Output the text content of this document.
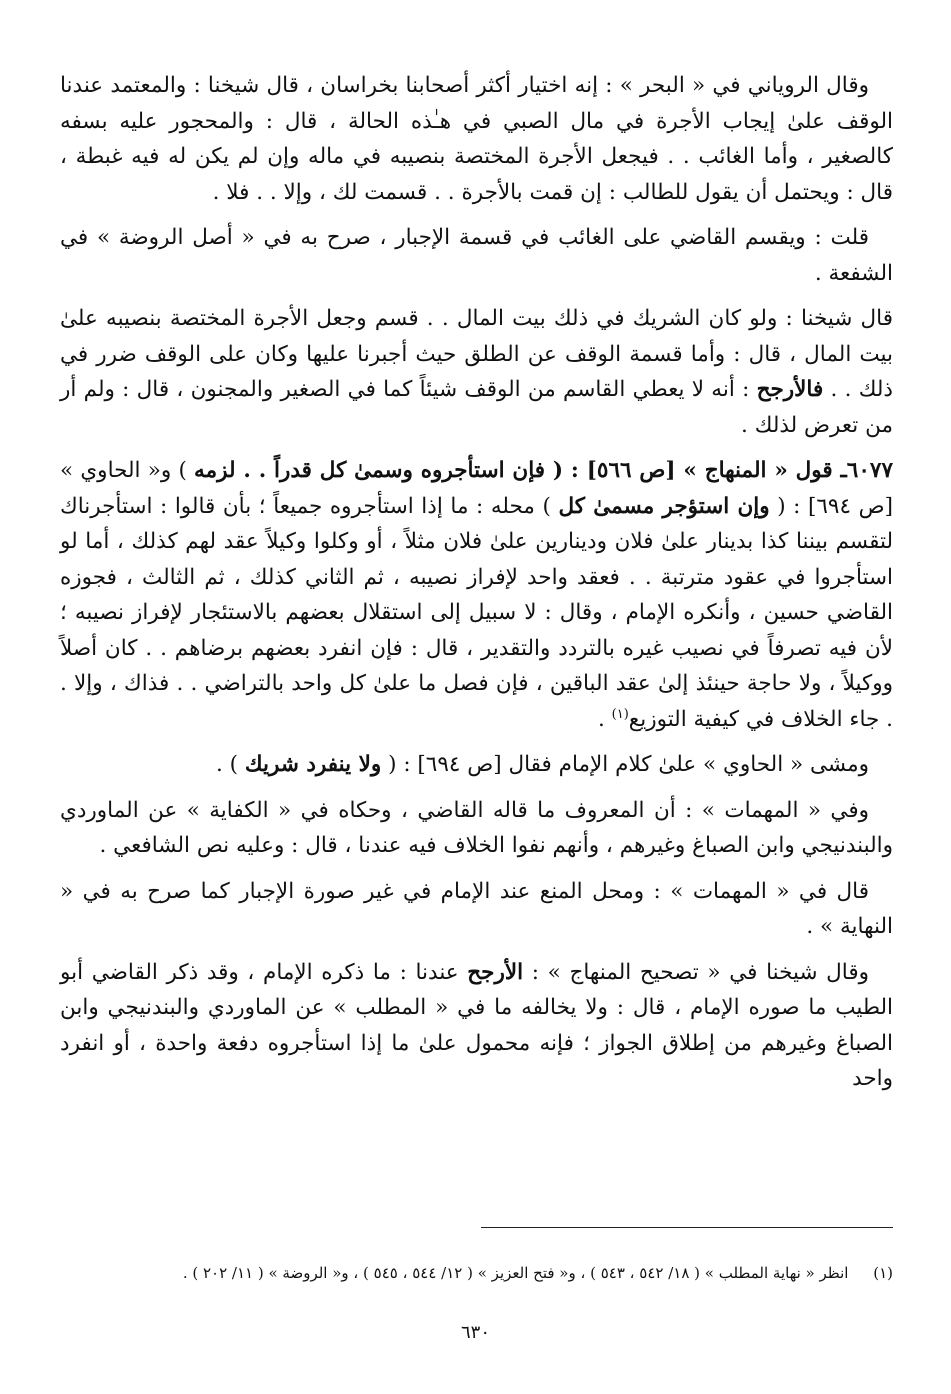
وقال الروياني في « البحر » : إنه اختيار أكثر أصحابنا بخراسان ، قال شيخنا : والمعتمد عندنا الوقف علىٰ إيجاب الأجرة في مال الصبي في هـٰذه الحالة ، قال : والمحجور عليه بسفه كالصغير ، وأما الغائب . . فيجعل الأجرة المختصة بنصيبه في ماله وإن لم يكن له فيه غبطة ، قال : ويحتمل أن يقول للطالب : إن قمت بالأجرة . . قسمت لك ، وإلا . . فلا .

قلت : ويقسم القاضي على الغائب في قسمة الإجبار ، صرح به في « أصل الروضة » في الشفعة .

قال شيخنا : ولو كان الشريك في ذلك بيت المال . . قسم وجعل الأجرة المختصة بنصيبه علىٰ بيت المال ، قال : وأما قسمة الوقف عن الطلق حيث أجبرنا عليها وكان على الوقف ضرر في ذلك . . فالأرجح : أنه لا يعطي القاسم من الوقف شيئاً كما في الصغير والمجنون ، قال : ولم أر من تعرض لذلك .

٦٠٧٧ـ قول « المنهاج » [ص ٥٦٦] : ( فإن استأجروه وسمىٰ كل قدراً . . لزمه ) و« الحاوي » [ص ٦٩٤] : ( وإن استؤجر مسمىٰ كل ) محله : ما إذا استأجروه جميعاً ؛ بأن قالوا : استأجرناك لتقسم بيننا كذا بدينار علىٰ فلان ودينارين علىٰ فلان مثلاً ، أو وكلوا وكيلاً عقد لهم كذلك ، أما لو استأجروا في عقود مترتبة . . فعقد واحد لإفراز نصيبه ، ثم الثاني كذلك ، ثم الثالث ، فجوزه القاضي حسين ، وأنكره الإمام ، وقال : لا سبيل إلى استقلال بعضهم بالاستئجار لإفراز نصيبه ؛ لأن فيه تصرفاً في نصيب غيره بالتردد والتقدير ، قال : فإن انفرد بعضهم برضاهم . . كان أصلاً ووكيلاً ، ولا حاجة حينئذ إلىٰ عقد الباقين ، فإن فصل ما علىٰ كل واحد بالتراضي . . فذاك ، وإلا . . جاء الخلاف في كيفية التوزيع$^{(١)}$ .

ومشى « الحاوي » علىٰ كلام الإمام فقال [ص ٦٩٤] : ( ولا ينفرد شريك ) .

وفي « المهمات » : أن المعروف ما قاله القاضي ، وحكاه في « الكفاية » عن الماوردي والبندنيجي وابن الصباغ وغيرهم ، وأنهم نفوا الخلاف فيه عندنا ، قال : وعليه نص الشافعي .

قال في « المهمات » : ومحل المنع عند الإمام في غير صورة الإجبار كما صرح به في « النهاية » .

وقال شيخنا في « تصحيح المنهاج » : الأرجح عندنا : ما ذكره الإمام ، وقد ذكر القاضي أبو الطيب ما صوره الإمام ، قال : ولا يخالفه ما في « المطلب » عن الماوردي والبندنيجي وابن الصباغ وغيرهم من إطلاق الجواز ؛ فإنه محمول علىٰ ما إذا استأجروه دفعة واحدة ، أو انفرد واحد

(١) انظر « نهاية المطلب » ( ١٨/ ٥٤٢ ، ٥٤٣ ) ، و« فتح العزيز » ( ١٢/ ٥٤٤ ، ٥٤٥ ) ، و« الروضة » ( ١١/ ٢٠٢ ) .
٦٣٠
